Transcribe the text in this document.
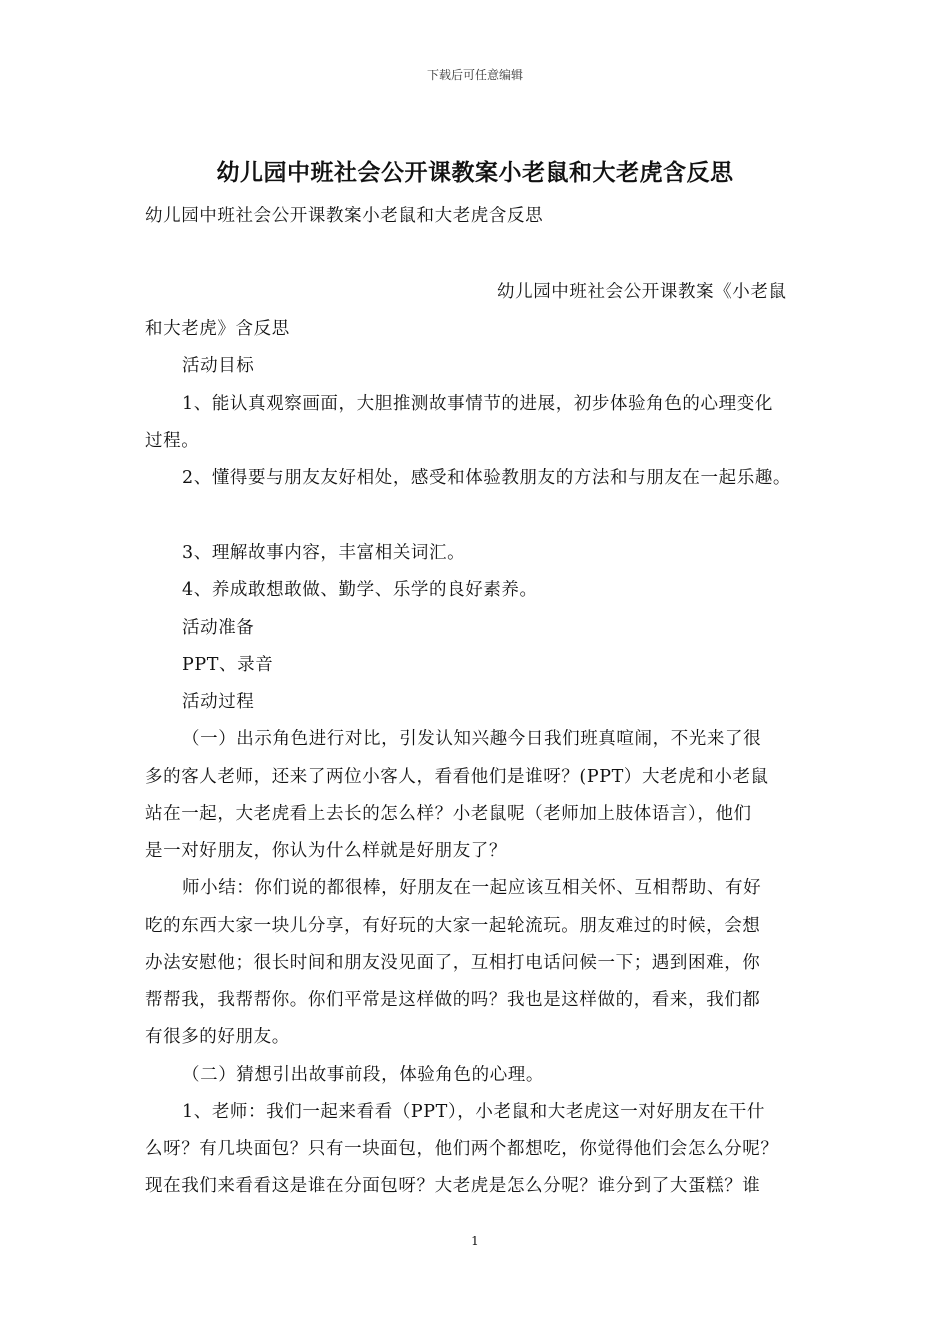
下载后可任意编辑
幼儿园中班社会公开课教案小老鼠和大老虎含反思
幼儿园中班社会公开课教案小老鼠和大老虎含反思
幼儿园中班社会公开课教案《小老鼠
和大老虎》含反思
活动目标
1、能认真观察画面，大胆推测故事情节的进展，初步体验角色的心理变化
过程。
2、懂得要与朋友友好相处，感受和体验教朋友的方法和与朋友在一起乐趣。
3、理解故事内容，丰富相关词汇。
4、养成敢想敢做、勤学、乐学的良好素养。
活动准备
PPT、录音
活动过程
（一）出示角色进行对比，引发认知兴趣今日我们班真喧闹，不光来了很
多的客人老师，还来了两位小客人，看看他们是谁呀？(PPT）大老虎和小老鼠
站在一起，大老虎看上去长的怎么样？小老鼠呢（老师加上肢体语言），他们
是一对好朋友，你认为什么样就是好朋友了？
师小结：你们说的都很棒，好朋友在一起应该互相关怀、互相帮助、有好
吃的东西大家一块儿分享，有好玩的大家一起轮流玩。朋友难过的时候，会想
办法安慰他；很长时间和朋友没见面了，互相打电话问候一下；遇到困难，你
帮帮我，我帮帮你。你们平常是这样做的吗？我也是这样做的，看来，我们都
有很多的好朋友。
（二）猜想引出故事前段，体验角色的心理。
1、老师：我们一起来看看（PPT），小老鼠和大老虎这一对好朋友在干什
么呀？有几块面包？只有一块面包，他们两个都想吃，你觉得他们会怎么分呢？
现在我们来看看这是谁在分面包呀？大老虎是怎么分呢？谁分到了大蛋糕？谁
1
